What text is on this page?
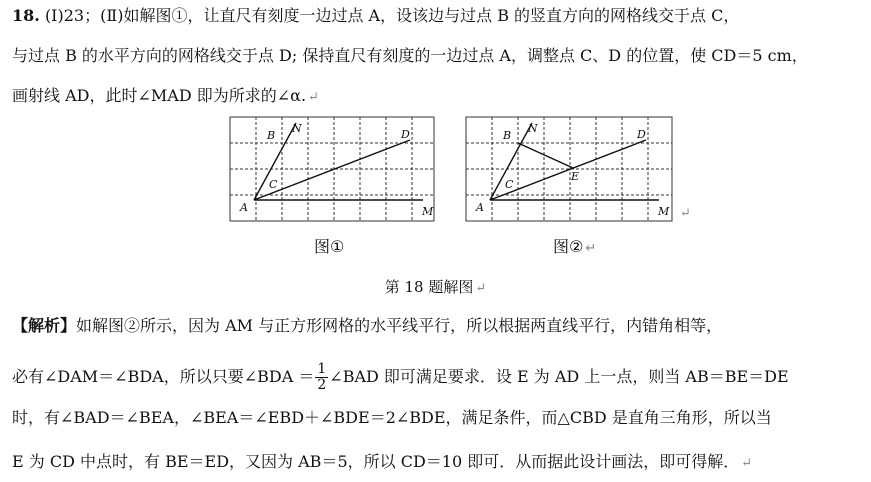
18. (Ⅰ)23；(Ⅱ)如解图①，让直尺有刻度一边过点 A，设该边与过点 B 的竖直方向的网格线交于点 C，
与过点 B 的水平方向的网格线交于点 D; 保持直尺有刻度的一边过点 A，调整点 C、D 的位置，使 CD＝5 cm，
画射线 AD，此时∠MAD 即为所求的∠α. ↵
A
B
N
C
D
M
图①
A
B
N
C
D
E
M ↵
图② ↵
第 18 题解图 ↵
【解析】如解图②所示，因为 AM 与正方形网格的水平线平行，所以根据两直线平行，内错角相等，
必有∠DAM＝∠BDA，所以只要∠BDA ＝ $\frac{1}{2}$ ∠BAD 即可满足要求．设 E 为 AD 上一点，则当 AB＝BE＝DE
时，有∠BAD＝∠BEA，∠BEA＝∠EBD＋∠BDE＝2∠BDE，满足条件，而△CBD 是直角三角形，所以当
E 为 CD 中点时，有 BE＝ED，又因为 AB＝5，所以 CD＝10 即可．从而据此设计画法，即可得解． ↵
